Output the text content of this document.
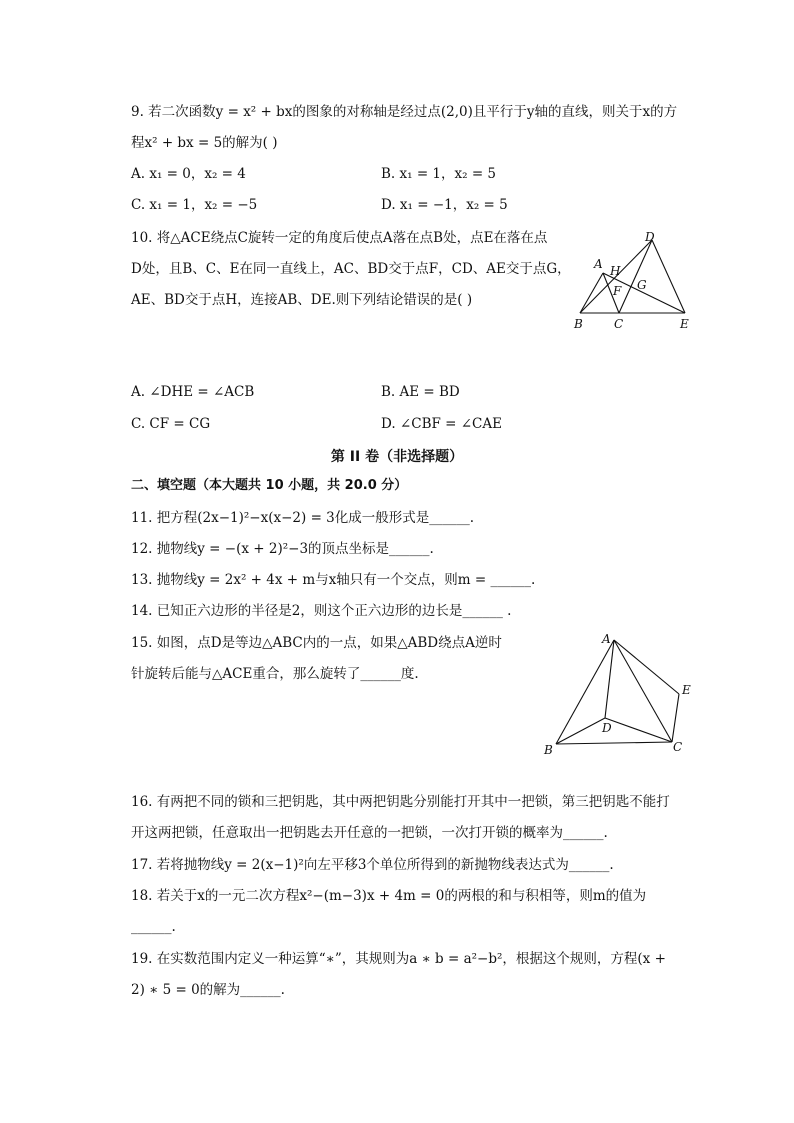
9. 若二次函数y = x² + bx的图象的对称轴是经过点(2,0)且平行于y轴的直线，则关于x的方
程x² + bx = 5的解为( )
A. x₁ = 0，x₂ = 4	B. x₁ = 1，x₂ = 5
C. x₁ = 1，x₂ = −5	D. x₁ = −1，x₂ = 5
10. 将△ACE绕点C旋转一定的角度后使点A落在点B处，点E在落在点
D处，且B、C、E在同一直线上，AC、BD交于点F，CD、AE交于点G，
AE、BD交于点H，连接AB、DE.则下列结论错误的是( )
D
A H
F G
B	C	E
A. ∠DHE = ∠ACB	B. AE = BD
C. CF = CG	D. ∠CBF = ∠CAE
第 II 卷（非选择题）
二、填空题（本大题共 10 小题，共 20.0 分）
11. 把方程(2x−1)²−x(x−2) = 3化成一般形式是______.
12. 抛物线y = −(x + 2)²−3的顶点坐标是______.
13. 抛物线y = 2x² + 4x + m与x轴只有一个交点，则m = ______.
14. 已知正六边形的半径是2，则这个正六边形的边长是______ .
15. 如图，点D是等边△ABC内的一点，如果△ABD绕点A逆时
针旋转后能与△ACE重合，那么旋转了______度.
A
B	C
D
E
16. 有两把不同的锁和三把钥匙，其中两把钥匙分别能打开其中一把锁，第三把钥匙不能打
开这两把锁，任意取出一把钥匙去开任意的一把锁，一次打开锁的概率为______.
17. 若将抛物线y = 2(x−1)²向左平移3个单位所得到的新抛物线表达式为______.
18. 若关于x的一元二次方程x²−(m−3)x + 4m = 0的两根的和与积相等，则m的值为
______.
19. 在实数范围内定义一种运算“∗”，其规则为a ∗ b = a²−b²，根据这个规则，方程(x +
2) ∗ 5 = 0的解为______.
